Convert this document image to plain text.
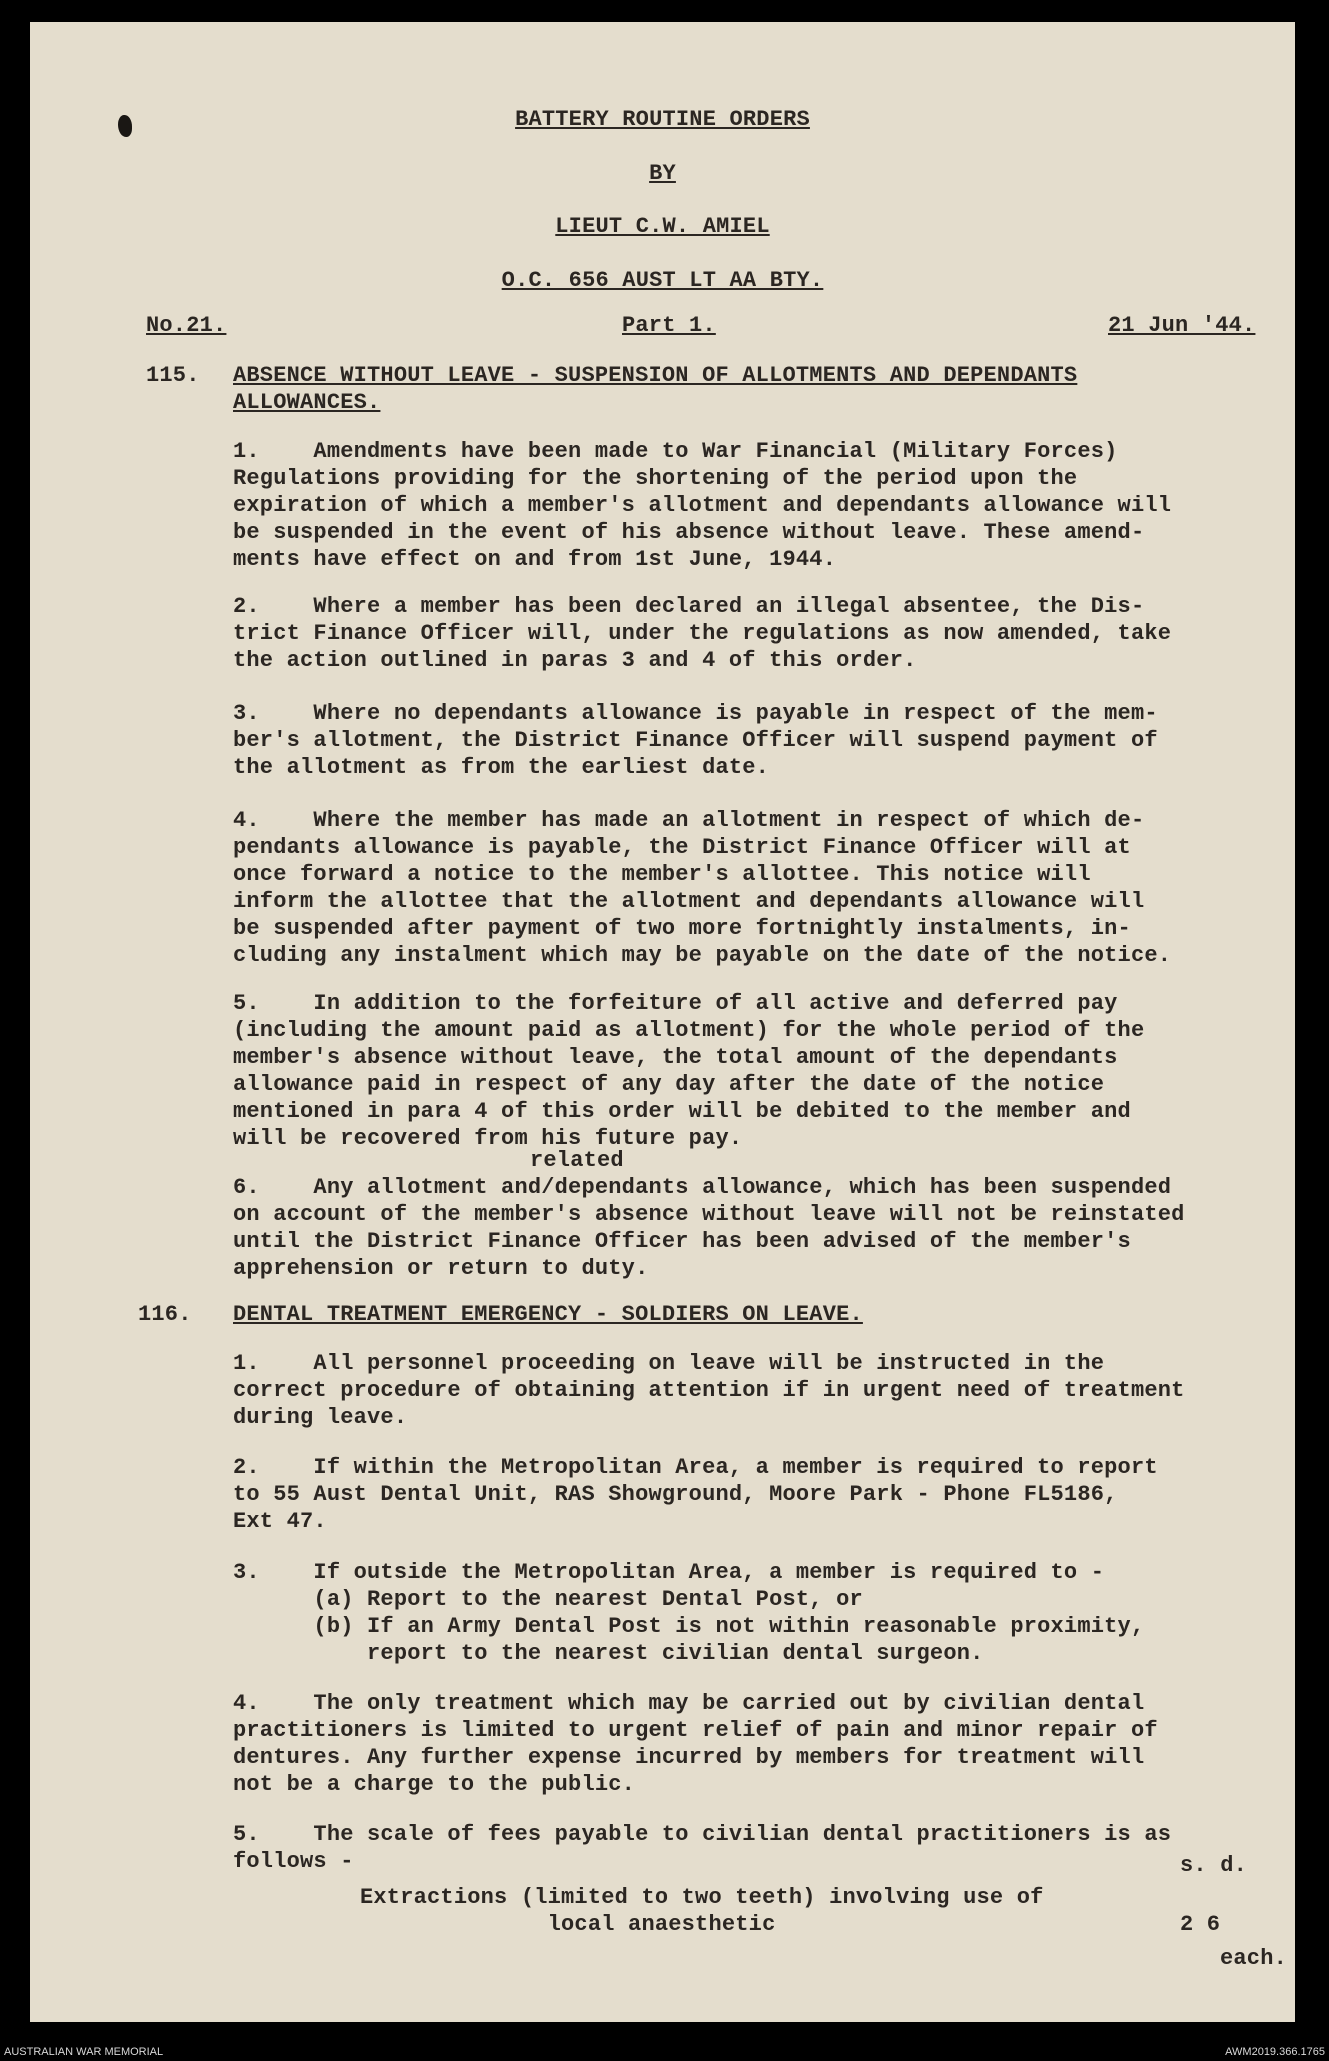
BATTERY ROUTINE ORDERS
BY
LIEUT C.W. AMIEL
O.C. 656 AUST LT AA BTY.
No.21.	Part 1.	21 Jun '44.
115. ABSENCE WITHOUT LEAVE - SUSPENSION OF ALLOTMENTS AND DEPENDANTS
ALLOWANCES.
1.    Amendments have been made to War Financial (Military Forces)
Regulations providing for the shortening of the period upon the
expiration of which a member's allotment and dependants allowance will
be suspended in the event of his absence without leave. These amend-
ments have effect on and from 1st June, 1944.
2.    Where a member has been declared an illegal absentee, the Dis-
trict Finance Officer will, under the regulations as now amended, take
the action outlined in paras 3 and 4 of this order.
3.    Where no dependants allowance is payable in respect of the mem-
ber's allotment, the District Finance Officer will suspend payment of
the allotment as from the earliest date.
4.    Where the member has made an allotment in respect of which de-
pendants allowance is payable, the District Finance Officer will at
once forward a notice to the member's allottee. This notice will
inform the allottee that the allotment and dependants allowance will
be suspended after payment of two more fortnightly instalments, in-
cluding any instalment which may be payable on the date of the notice.
5.    In addition to the forfeiture of all active and deferred pay
(including the amount paid as allotment) for the whole period of the
member's absence without leave, the total amount of the dependants
allowance paid in respect of any day after the date of the notice
mentioned in para 4 of this order will be debited to the member and
will be recovered from his future pay.
related
6.    Any allotment and/dependants allowance, which has been suspended
on account of the member's absence without leave will not be reinstated
until the District Finance Officer has been advised of the member's
apprehension or return to duty.
116. DENTAL TREATMENT EMERGENCY - SOLDIERS ON LEAVE.
1.    All personnel proceeding on leave will be instructed in the
correct procedure of obtaining attention if in urgent need of treatment
during leave.
2.    If within the Metropolitan Area, a member is required to report
to 55 Aust Dental Unit, RAS Showground, Moore Park - Phone FL5186,
Ext 47.
3.    If outside the Metropolitan Area, a member is required to -
(a) Report to the nearest Dental Post, or
(b) If an Army Dental Post is not within reasonable proximity,
report to the nearest civilian dental surgeon.
4.    The only treatment which may be carried out by civilian dental
practitioners is limited to urgent relief of pain and minor repair of
dentures. Any further expense incurred by members for treatment will
not be a charge to the public.
5.    The scale of fees payable to civilian dental practitioners is as
follows -	s. d.
Extractions (limited to two teeth) involving use of
local anaesthetic	2 6
each.
AUSTRALIAN WAR MEMORIAL	AWM2019.366.1765
